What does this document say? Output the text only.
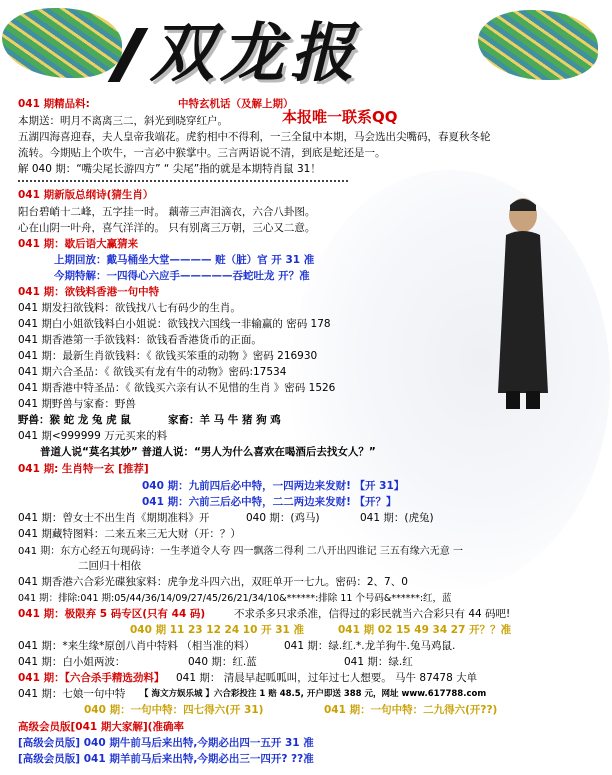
双龙报
041 期精品料:	中特玄机话（及解上期）
本报唯一联系QQ
本期送：明月不离离三二，斜光到晓穿红户。
五湖四海喜迎春，夫人皇帝我端花。虎豹相中不得利，一三全鼠中本期，马会选出尖嘴码，春夏秋冬轮
流转。今期贴上个吹牛，一言必中猴掌中。三言两语说不清，到底是蛇还是一。
解 040 期：“嘴尖尾长游四方” “ 尖尾”指的就是本期特肖鼠 31！
041 期新版总纲诗(猜生肖）
阳台碧峭十二峰，五字挂一时。 藕蒂三声泪滴衣，六合八卦图。
心在山阴一叶舟，喜气洋洋的。 只有别离三万朝，三心又二意。
041 期：歇后语大赢猜来
上期回放：戴马桶坐大堂———— 赃（脏）官 开 31 准
今期特解：一四得心六应手—————吞蛇吐龙 开？准
041 期：欲钱料香港一句中特
041 期发扫欲钱料：欲钱找八七有码少的生肖。
041 期白小姐欲钱料白小姐说：欲钱找六国线一非输赢的 密码 178
041 期香港第一手欲钱料：欲钱看香港货币的正面。
041 期：最新生肖欲钱料：《 欲钱买笨重的动物 》密码 216930
041 期六合圣品：《 欲钱买有龙有牛的动物》密码:17534
041 期香港中特圣品：《 欲钱买六亲有认不见惜的生肖 》密码 1526
041 期野兽与家畜：野兽
野兽：猴 蛇 龙 兔 虎 鼠	家畜：羊 马 牛 猪 狗 鸡
041 期<999999 万元买来的料
普道人说“莫名其妙” 普道人说：“男人为什么喜欢在喝酒后去找女人？”
041 期: 生肖特一玄 [推荐]
040 期：九前四后必中特，一四两边来发财! 【开 31】
041 期：六前三后必中特，二二两边来发财! 【开？】
041 期：曾女士不出生肖《期期准料》开	040 期：(鸡马)	041 期：(虎兔)
041 期藏特图料：二来五来三无大财（开：？）
041 期：东方心经五句现码诗：一生孝道令人夸 四一飘落二得利 二八开出四谁记 三五有缘六无意 一
二回归十相依
041 期香港六合彩光碟独家料：虎争龙斗四六出，双旺单开一七九。密码：2、7、0
041 期：排除:041 期:05/44/36/14/09/27/45/26/21/34/10&******:排除 11 个号码&******:红，蓝
041 期：极限弃 5 码专区(只有 44 码)	不求杀多只求杀准，信得过的彩民就当六合彩只有 44 码吧!
040 期 11 23 12 24 10 开 31 准	041 期 02 15 49 34 27 开？？准
041 期：*来生缘*原创八肖中特料 （相当准的料）	041 期：绿.红.*.龙羊狗牛.兔马鸡鼠.
041 期：白小姐两波：	040 期：红.蓝	041 期：绿.红
041 期：【六合杀手精选劲料】 041 期： 清晨早起呱呱叫，过年过七人想要。 马牛 87478 大单
041 期：七娘一句中特 【 海文方娱乐城 】六合彩投注 1 赔 48.5, 开户即送 388 元，网址 www.617788.com
040 期：一句中特：四七得六(开 31)	041 期：一句中特：二九得六(开??)
高级会员版[041 期大家解](准确率
[高级会员版] 040 期牛前马后来出特,今期必出四一五开 31 准
[高级会员版] 041 期羊前马后来出特,今期必出三一四开? ??准
